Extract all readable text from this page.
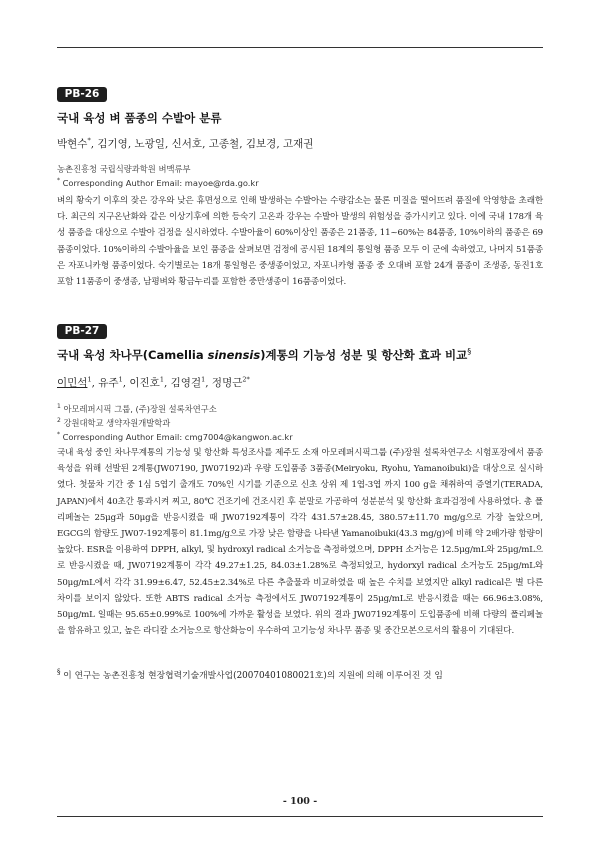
PB-26
국내 육성 벼 품종의 수발아 분류
박현수*, 김기영, 노광일, 신서호, 고종철, 김보경, 고재권
농촌진흥청 국립식량과학원 벼맥류부
* Corresponding Author Email: mayoe@rda.go.kr
벼의 황숙기 이후의 잦은 강우와 낮은 휴면성으로 인해 발생하는 수발아는 수량감소는 물론 미질을 떨어뜨려 품질에 악영향을 초래한다. 최근의 지구온난화와 같은 이상기후에 의한 등숙기 고온과 강우는 수발아 발생의 위험성을 증가시키고 있다. 이에 국내 178개 육성 품종을 대상으로 수발아 검정을 실시하였다. 수발아율이 60%이상인 품종은 21품종, 11~60%는 84품종, 10%이하의 품종은 69품종이었다. 10%이하의 수발아율을 보인 품종을 살펴보면 검정에 공시된 18계의 통일형 품종 모두 이 군에 속하였고, 나머지 51품종은 자포니카형 품종이었다. 숙기별로는 18개 통일형은 중생종이었고, 자포니카형 품종 중 오대벼 포함 24개 품종이 조생종, 동진1호 포함 11품종이 중생종, 남평벼와 황금누리를 포함한 중만생종이 16품종이었다.
PB-27
국내 육성 차나무(Camellia sinensis)계통의 기능성 성분 및 항산화 효과 비교§
이민석$^1$, 유주$^1$, 이진호$^1$, 김영걸$^1$, 정명근$^{2*}$
$^1$ 아모레퍼시픽 그룹, (주)장원 설록차연구소
$^2$ 강원대학교 생약자원개발학과
* Corresponding Author Email: cmg7004@kangwon.ac.kr
국내 육성 중인 차나무계통의 기능성 및 항산화 특성조사를 제주도 소재 아모레퍼시픽그룹 (주)장원 설록차연구소 시험포장에서 품종육성을 위해 선발된 2계통(JW07190, JW07192)과 우량 도입품종 3품종(Meiryoku, Ryohu, Yamanoibuki)을 대상으로 실시하였다. 첫물차 기간 중 1심 5엽기 출개도 70%인 시기를 기준으로 신초 상위 제 1엽-3엽 까지 100 g을 채취하여 증열기(TERADA, JAPAN)에서 40초간 통과시켜 찌고, 80℃ 건조기에 건조시킨 후 분말로 가공하여 성분분석 및 항산화 효과검정에 사용하였다. 총 폴리페놀는 25μg과 50μg을 반응시켰을 때 JW07192계통이 각각 431.57±28.45, 380.57±11.70 mg/g으로 가장 높았으며, EGCG의 함량도 JW07-192계통이 81.1mg/g으로 가장 낮은 함량을 나타낸 Yamanoibuki(43.3 mg/g)에 비해 약 2배가량 함량이 높았다. ESR을 이용하여 DPPH, alkyl, 및 hydroxyl radical 소거능을 측정하였으며, DPPH 소거능은 12.5μg/mL와 25μg/mL으로 반응시켰을 때, JW07192계통이 각각 49.27±1.25, 84.03±1.28%로 측정되었고, hydorxyl radical 소거능도 25μg/mL와 50μg/mL에서 각각 31.99±6.47, 52.45±2.34%로 다른 추출물과 비교하였을 때 높은 수치를 보였지만 alkyl radical은 별 다른 차이를 보이지 않았다. 또한 ABTS radical 소거능 측정에서도 JW07192계통이 25μg/mL로 반응시켰을 때는 66.96±3.08%, 50μg/mL 일때는 95.65±0.99%로 100%에 가까운 활성을 보였다. 위의 결과 JW07192계통이 도입품종에 비해 다량의 폴리페놀을 함유하고 있고, 높은 라디칼 소거능으로 항산화능이 우수하여 고기능성 차나무 품종 및 중간모본으로서의 활용이 기대된다.
§ 이 연구는 농촌진흥청 현장협력기술개발사업(20070401080021호)의 지원에 의해 이루어진 것 임
- 100 -
